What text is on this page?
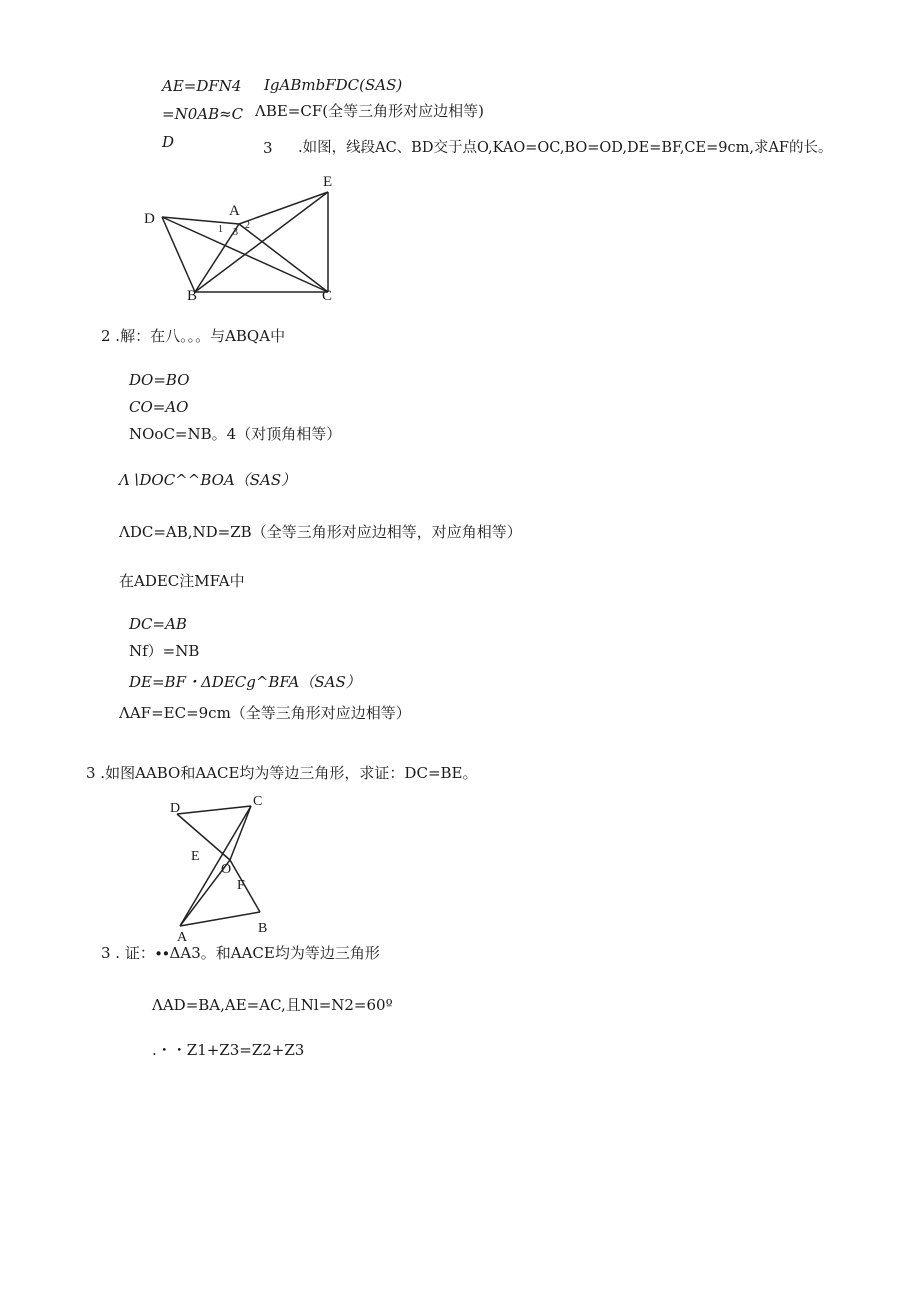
AE=DFN4
=N0AB≈C
D
IgABmbFDC(SAS)
ΛBE=CF(全等三角形对应边相等)
3 .如图，线段AC、BD交于点O,KAO=OC,BO=OD,DE=BF,CE=9cm,求AF的长。
E
D	A
B	C
1 3
2
2 .解：在八。。。与ABQA中
DO=BO
CO=AO
NOoC=NB。4（对顶角相等）
Λ∖DOC^^BOA（SAS）
ΛDC=AB,ND=ZB（全等三角形对应边相等，对应角相等）
在ADEC注MFA中
DC=AB
Nf）=NB
DE=BF・ΔDECg^BFA（SAS）
ΛAF=EC=9cm（全等三角形对应边相等）
3 .如图AABO和AACE均为等边三角形，求证：DC=BE。
D	C
E
O
F
A
B
3 . 证：∙∙ΔA3。和AACE均为等边三角形
ΛAD=BA,AE=AC,且Nl=N2=60º
.・・Z1+Z3=Z2+Z3
